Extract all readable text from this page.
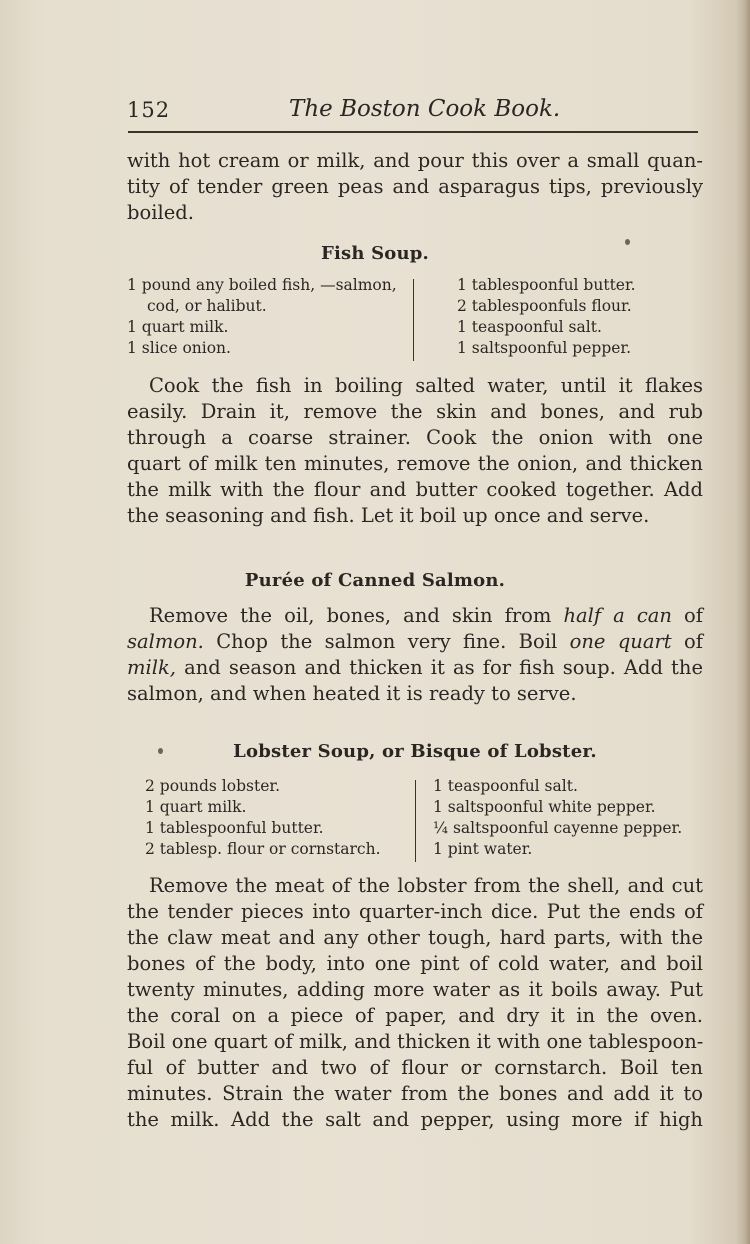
152	The Boston Cook Book.

with hot cream or milk, and pour this over a small quan-
tity of tender green peas and asparagus tips, previously
boiled.

Fish Soup.
1 pound any boiled fish, —salmon,
cod, or halibut.
1 quart milk.
1 slice onion.
1 tablespoonful butter.
2 tablespoonfuls flour.
1 teaspoonful salt.
1 saltspoonful pepper.

Cook the fish in boiling salted water, until it flakes
easily. Drain it, remove the skin and bones, and rub
through a coarse strainer. Cook the onion with one
quart of milk ten minutes, remove the onion, and thicken
the milk with the flour and butter cooked together. Add
the seasoning and fish. Let it boil up once and serve.

Purée of Canned Salmon.

Remove the oil, bones, and skin from half a can of
salmon. Chop the salmon very fine. Boil one quart of
milk, and season and thicken it as for fish soup. Add the
salmon, and when heated it is ready to serve.

Lobster Soup, or Bisque of Lobster.
2 pounds lobster.
1 quart milk.
1 tablespoonful butter.
2 tablesp. flour or cornstarch.
1 teaspoonful salt.
1 saltspoonful white pepper.
¼ saltspoonful cayenne pepper.
1 pint water.

Remove the meat of the lobster from the shell, and cut
the tender pieces into quarter-inch dice. Put the ends of
the claw meat and any other tough, hard parts, with the
bones of the body, into one pint of cold water, and boil
twenty minutes, adding more water as it boils away. Put
the coral on a piece of paper, and dry it in the oven.
Boil one quart of milk, and thicken it with one tablespoon-
ful of butter and two of flour or cornstarch. Boil ten
minutes. Strain the water from the bones and add it to
the milk. Add the salt and pepper, using more if high
